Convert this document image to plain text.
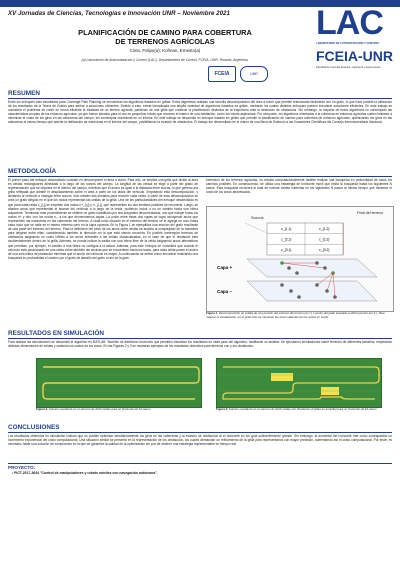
XV Jornadas de Ciencias, Tecnologías e Innovación UNR – Noviembre 2021
PLANIFICACIÓN DE CAMINO PARA COBERTURA
DE TERRENOS AGRÍCOLAS
Cinto, Felipe(a); Kofman, Ernesto(a)
(a) Laboratorio de Automatización y Control (LAC), Departamento de Control, FCEIA, UNR. Rosario, Argentina.
FCEIA	UNR
LAC
LABORATORIO DE AUTOMATIZACIÓN Y CONTROL
FCEIA-UNR
Facultad de Ciencias Exactas, Ingeniería y Agrimensura
RESUMEN
Entre los enfoques más estudiados para Coverage Path Planning se encuentran los algoritmos basados en grillas. Estos algoritmos realizan una sencilla descomposición del área a cubrir que permite relacionarla fácilmente con un grafo, lo que hace posible la utilización de los resultados de la Teoría de Grafos para arribar a soluciones eficientes. Debido a esto, existe formalizada una amplia variedad de algoritmos basados en grillas, mediante los cuales distintos enfoques pueden encontrar soluciones eficientes. En este trabajo se considera el problema de cubrir en forma eficiente la totalidad de un terreno agrícola, partiendo de una grilla que contiene la planificación dinámica de la trayectoria ante la detección de obstáculos. Sin embargo, la mayoría de estos algoritmos no contemplan las características propias de los entornos agrícolas, ya que fueron ideados para el uso en pequeños robots que recorren el interior de una habitación, como los robots aspiradora. Por otra parte, los algoritmos orientados a la cobertura en entornos agrícolas suelen limitarse a minimizar el costo de los giros en las cabeceras del campo, sin contemplar maniobras en su interior. En este trabajo se desarrolla un enfoque basado en grillas que permite la planificación de camino para cobertura de entornos agrícolas, optimizando los giros en las cabeceras al mismo tiempo que admite la realización de maniobras en el interior del campo, posibilitando la evasión de obstáculos. El trabajo fue desarrollado en el marco de una Beca de Estímulo a las Vocaciones Científicas del Consejo Interuniversitario Nacional.
METODOLOGÍA
El primer paso del enfoque desarrollado consiste en descomponer el área a cubrir. Para ello, se emplea una grilla que divide al área en celdas rectangulares alineadas a lo largo de los surcos del campo. La longitud de las celdas se elige a partir del grado de representación que se requiera en el interior del campo, mientras que el ancho es igual a la distancia entre surcos, lo que genera una grilla reflejada que admite el desplazamiento sobre el área a partir de los lados del vehículo. Empleando esta descomposición, y limitando al vehículo a navegar entre surcos, sólo existen dos sentidos para recorrer cada celda. A partir de esta descomposición se crea un grafo dirigido en el que los nodos representan las celdas de la grilla. Una de las particularidades del enfoque desarrollado es que para cada celda c_{i,j} se emplean dos nodos n+_{i,j} y n-_{i,j}, que representan los dos sentidos posibles de recorrerla. Luego, se añaden arcos que representan el avance del vehículo a lo largo de la celda, pudiendo incluir o no un cambio hacia una hilera adyacente. Terminado este procedimiento se obtiene un grafo constituido por dos subgrafos desconectados, uno que incluye todos los nodos n+ y otro con los nodos n-, a los que denominamos capas. La unión entre estas dos capas se logra incluyendo arcos que representen las maniobras en las cabeceras del terreno. A cada nodo ubicado en el extremo del terreno se le agrega un arco hacia cada nodo que se halle en el mismo extremo pero en la capa opuesta. En la Figura 1 se ejemplifica una sección del grafo resultante de una parte del extremo del terreno. Para la definición del peso de los arcos entre celdas se analiza la complejidad de la maniobra para dirigirse entre ellas, considerando también la dirección en la que está siendo recorrida. Es posible contemplar terrenos de obstáculos asignando un costo infinito a los arcos entrantes a las celdas obstaculizadas, en el caso de que el obstáculo esté accidentalmente dentro de la grilla. Además, se puede indicar la salida con una hilera libre de la celda asignando arcos alternativos que permitan, por ejemplo, el cambio a una hilera no contigua a la actual. Además, para este enfoque se considera que cuando el vehículo está posicionado en una celda cubre también las vecinas que se encuentran hacia los lados, para cada celda posee el ancho de una sola hilera de plantación mientras que el ancho del vehículo es mayor. A continuación se define cómo encontrar realizando una búsqueda en profundidad el camino por el grafo de tamaño del grafo a raíz de la gran
extensión de los terrenos agrícolas, no resulta computacionalmente factible realizar una búsqueda en profundidad de todos los caminos posibles. En consecuencia, se utiliza una estrategia de horizonte móvil que limita la búsqueda hasta los siguientes N pasos. Esta búsqueda recorrerá al total de nuevas celdas cubiertas en los siguientes N pasos al mismo tiempo que minimice el costo de los arcos atravesados.
Surcos
Final del terreno
c_{1,1}	c_{1,2}
c_{2,1}	c_{2,2}
c_{3,1}	c_{3,2}
Capa +
Capa –
Figura 1. Descomposición en celdas de una porción del extremo del terreno (en I.) y sector del grafo asociado a dicha porción (en II.). Para mejorar la visualización, en el grafo sólo se muestran los arcos salientes de los nodos en verde.
RESULTADOS EN SIMULACIÓN
Para realizar las simulaciones se desarrolló el algoritmo en MATLAB. También se diseñaron funciones que permiten visualizar los resultados en cada paso del algoritmo, facilitando su análisis. Se ejecutaron simulaciones sobre terrenos de diferentes tamaños, empleando distintas dimensiones de celdas y variando los costos de los arcos. En las Figuras 2 y 3 se muestran ejemplos de los resultados obtenidos para terrenos con y sin obstáculos.
Figura 2. Camino resultante en un terreno de 3x20 celdas para un horizonte de 13 pasos.	Figura 3. Camino resultante en un terreno de 3x20 celdas con obstáculos (celdas en amarillo) para un horizonte de 13 pasos.
CONCLUSIONES
Los resultados obtenidos en simulación indican que es posible optimizar simultáneamente los giros en las cabeceras y la evasión de obstáculos al el horizonte en los guía suficientemente grande. Sin embargo, al aumentar del horizonte trae como contrapartida un incremento exponencial del costo computacional. Una situación similar se presenta en la representación de los obstáculos, los cuales demandan un refinamiento de la grilla para representarlos con mayor precisión, aumentando así el costo computacional. Por ende, es necesario hallar una solución de compromiso en la que se garantice la calidad de la optimización sin pos de obtener una estrategia implementable en tiempo real.
PROYECTO:
• PICT-2017-3644 "Control de manipuladores y robots móviles con navegación autónoma".
